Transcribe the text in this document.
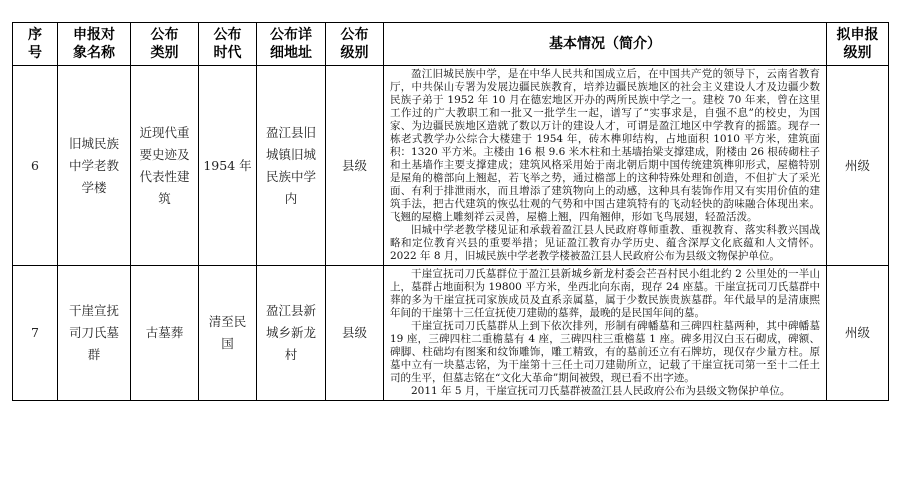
序号	申报对象名称	公布类别	公布时代	公布详细地址	公布级别	基本情况（简介）	拟申报级别
6	旧城民族中学老教学楼	近现代重要史迹及代表性建筑	1954 年	盈江县旧城镇旧城民族中学内	县级	盈江旧城民族中学，是在中华人民共和国成立后，在中国共产党的领导下，云南省教育厅，中共保山专署为发展边疆民族教育，培养边疆民族地区的社会主义建设人才及边疆少数民族子弟于 1952 年 10 月在德宏地区开办的两所民族中学之一。建校 70 年来，曾在这里工作过的广大教职工和一批又一批学生一起，谱写了“实事求是，自强不息”的校史，为国家、为边疆民族地区造就了数以万计的建设人才，可谓是盈江地区中学教育的摇篮。现存一栋老式教学办公综合大楼建于 1954 年，砖木榫卯结构，占地面积 1010 平方米，建筑面积：1320 平方米。主楼由 16 根 9.6 米木柱和土基墙抬梁支撑建成，附楼由 26 根砖砌柱子和土基墙作主要支撑建成；建筑风格采用始于南北朝后期中国传统建筑榫卯形式，屋檐特别是屋角的檐部向上翘起，若飞举之势，通过檐部上的这种特殊处理和创造，不但扩大了采光面、有利于排泄雨水，而且增添了建筑物向上的动感，这种具有装饰作用又有实用价值的建筑手法，把古代建筑的恢弘壮观的气势和中国古建筑特有的飞动轻快的韵味融合体现出来。飞翘的屋檐上雕刻祥云灵兽，屋檐上翘，四角翘伸，形如飞鸟展翅，轻盈活泼。

旧城中学老教学楼见证和承载着盈江县人民政府尊师重教、重视教育、落实科教兴国战略和定位教育兴县的重要举措；见证盈江教育办学历史、蕴含深厚文化底蕴和人文情怀。2022 年 8 月，旧城民族中学老教学楼被盈江县人民政府公布为县级文物保护单位。	州级
7	干崖宣抚司刀氏墓群	古墓葬	清至民国	盈江县新城乡新龙村	县级	干崖宣抚司刀氏墓群位于盈江县新城乡新龙村委会芒吾村民小组北约 2 公里处的一半山上，墓群占地面积为 19800 平方米，坐西北向东南，现存 24 座墓。干崖宣抚司刀氏墓群中葬的多为干崖宣抚司家族成员及直系亲属墓，属于少数民族贵族墓群。年代最早的是清康熙年间的干崖第十三任宣抚使刀建勋的墓葬，最晚的是民国年间的墓。

干崖宣抚司刀氏墓群从上到下依次排列，形制有碑幡墓和三碑四柱墓两种，其中碑幡墓 19 座，三碑四柱二重檐墓有 4 座，三碑四柱三重檐墓 1 座。碑多用汉白玉石砌成，碑额、碑脚、柱础均有图案和纹饰雕饰，雕工精致，有的墓前还立有石牌坊，现仅存少量方柱。原墓中立有一块墓志铭，为干崖第十三任土司刀建勋所立，记载了干崖宣抚司第一至十二任土司的生平，但墓志铭在“文化大革命”期间被毁，现已看不出字迹。

2011 年 5 月，干崖宣抚司刀氏墓群被盈江县人民政府公布为县级文物保护单位。	州级
